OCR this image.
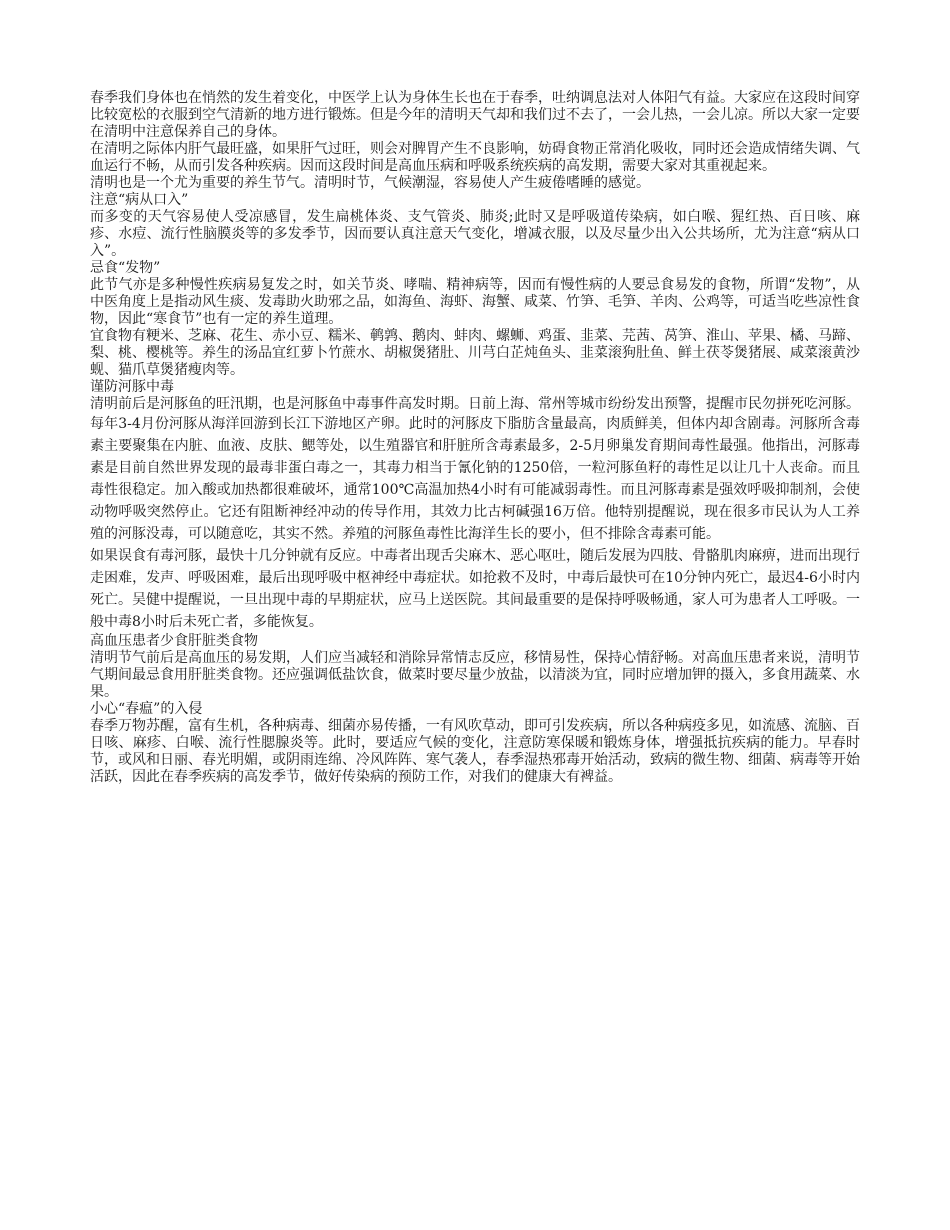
春季我们身体也在悄然的发生着变化，中医学上认为身体生长也在于春季，吐纳调息法对人体阳气有益。大家应在这段时间穿比较宽松的衣服到空气清新的地方进行锻炼。但是今年的清明天气却和我们过不去了，一会儿热，一会儿凉。所以大家一定要在清明中注意保养自己的身体。

在清明之际体内肝气最旺盛，如果肝气过旺，则会对脾胃产生不良影响，妨碍食物正常消化吸收，同时还会造成情绪失调、气血运行不畅，从而引发各种疾病。因而这段时间是高血压病和呼吸系统疾病的高发期，需要大家对其重视起来。

清明也是一个尤为重要的养生节气。清明时节，气候潮湿，容易使人产生疲倦嗜睡的感觉。

注意“病从口入”

而多变的天气容易使人受凉感冒，发生扁桃体炎、支气管炎、肺炎;此时又是呼吸道传染病，如白喉、猩红热、百日咳、麻疹、水痘、流行性脑膜炎等的多发季节，因而要认真注意天气变化，增减衣服，以及尽量少出入公共场所，尤为注意“病从口入”。

忌食“发物”

此节气亦是多种慢性疾病易复发之时，如关节炎、哮喘、精神病等，因而有慢性病的人要忌食易发的食物，所谓“发物”，从中医角度上是指动风生痰、发毒助火助邪之品，如海鱼、海虾、海蟹、咸菜、竹笋、毛笋、羊肉、公鸡等，可适当吃些凉性食物，因此“寒食节”也有一定的养生道理。

宜食物有粳米、芝麻、花生、赤小豆、糯米、鹌鹑、鹅肉、蚌肉、螺蛳、鸡蛋、韭菜、芫茜、莴笋、淮山、苹果、橘、马蹄、梨、桃、樱桃等。养生的汤品宜红萝卜竹蔗水、胡椒煲猪肚、川芎白芷炖鱼头、韭菜滚狗肚鱼、鲜土茯苓煲猪展、咸菜滚黄沙蚬、猫爪草煲猪瘦肉等。

谨防河豚中毒

清明前后是河豚鱼的旺汛期，也是河豚鱼中毒事件高发时期。日前上海、常州等城市纷纷发出预警，提醒市民勿拼死吃河豚。

每年3-4月份河豚从海洋回游到长江下游地区产卵。此时的河豚皮下脂肪含量最高，肉质鲜美，但体内却含剧毒。河豚所含毒素主要聚集在内脏、血液、皮肤、鳃等处，以生殖器官和肝脏所含毒素最多，2-5月卵巢发育期间毒性最强。他指出，河豚毒素是目前自然世界发现的最毒非蛋白毒之一，其毒力相当于氰化钠的1250倍，一粒河豚鱼籽的毒性足以让几十人丧命。而且毒性很稳定。加入酸或加热都很难破坏，通常100℃高温加热4小时有可能减弱毒性。而且河豚毒素是强效呼吸抑制剂，会使动物呼吸突然停止。它还有阻断神经冲动的传导作用，其效力比古柯碱强16万倍。他特别提醒说，现在很多市民认为人工养殖的河豚没毒，可以随意吃，其实不然。养殖的河豚鱼毒性比海洋生长的要小，但不排除含毒素可能。

如果误食有毒河豚，最快十几分钟就有反应。中毒者出现舌尖麻木、恶心呕吐，随后发展为四肢、骨骼肌肉麻痹，进而出现行走困难，发声、呼吸困难，最后出现呼吸中枢神经中毒症状。如抢救不及时，中毒后最快可在10分钟内死亡，最迟4-6小时内死亡。吴健中提醒说，一旦出现中毒的早期症状，应马上送医院。其间最重要的是保持呼吸畅通，家人可为患者人工呼吸。一般中毒8小时后未死亡者，多能恢复。

高血压患者少食肝脏类食物

清明节气前后是高血压的易发期，人们应当减轻和消除异常情志反应，移情易性，保持心情舒畅。对高血压患者来说，清明节气期间最忌食用肝脏类食物。还应强调低盐饮食，做菜时要尽量少放盐，以清淡为宜，同时应增加钾的摄入，多食用蔬菜、水果。

小心“春瘟”的入侵

春季万物苏醒，富有生机，各种病毒、细菌亦易传播，一有风吹草动，即可引发疾病，所以各种病疫多见，如流感、流脑、百日咳、麻疹、白喉、流行性腮腺炎等。此时，要适应气候的变化，注意防寒保暖和锻炼身体，增强抵抗疾病的能力。早春时节，或风和日丽、春光明媚，或阴雨连绵、冷风阵阵、寒气袭人，春季湿热邪毒开始活动，致病的微生物、细菌、病毒等开始活跃，因此在春季疾病的高发季节，做好传染病的预防工作，对我们的健康大有裨益。
